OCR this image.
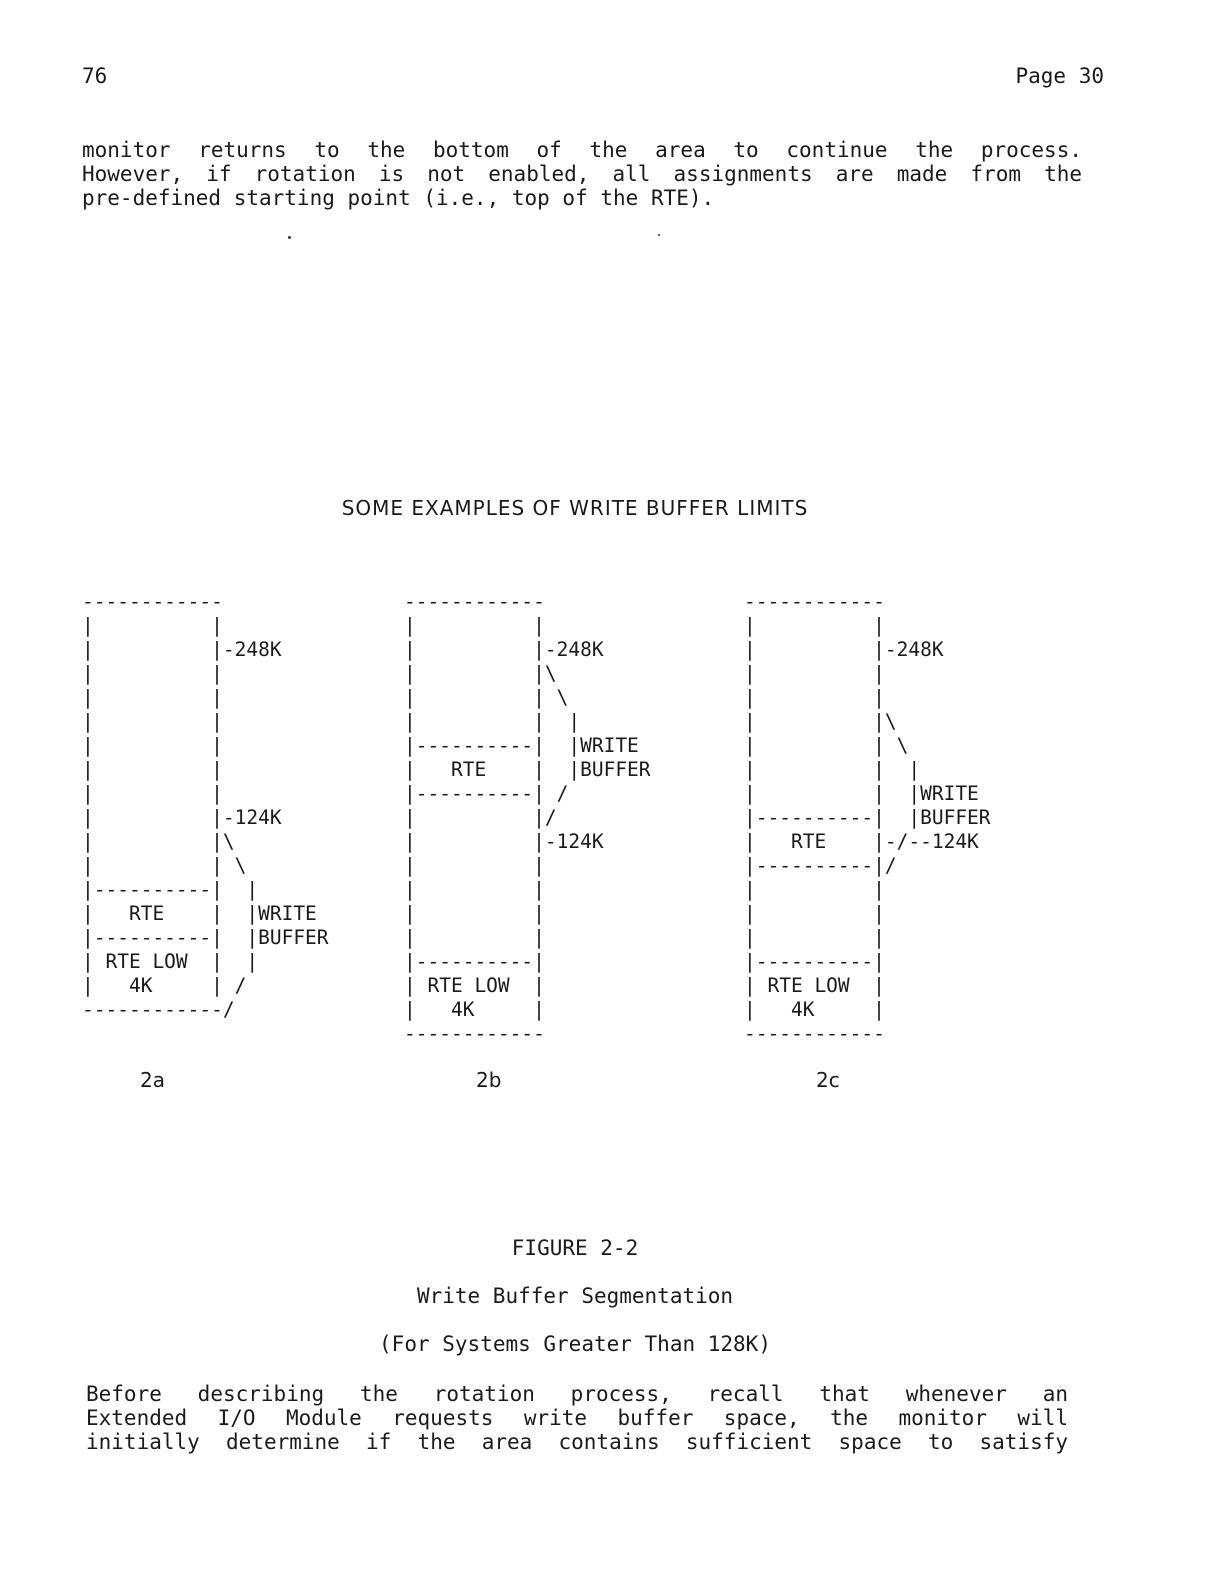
76	Page 30
monitor returns to the bottom of the area to continue the process.
However, if rotation is not enabled, all assignments are made from the
pre-defined starting point (i.e., top of the RTE).
SOME EXAMPLES OF WRITE BUFFER LIMITS
------------
|          |
|          |-248K
|          |
|          |
|          |
|          |
|          |
|          |
|          |-124K
|          |\
|          | \
|----------|  |
|   RTE    |  |WRITE
|----------|  |BUFFER
| RTE LOW  |  |
|   4K     | /
------------/
------------
|          |
|          |-248K
|          |\
|          | \
|          |  |
|----------|  |WRITE
|   RTE    |  |BUFFER
|----------| /
|          |/
|          |-124K
|          |
|          |
|          |
|          |
|----------|
| RTE LOW  |
|   4K     |
------------
------------
|          |
|          |-248K
|          |
|          |
|          |\
|          | \
|          |  |
|          |  |WRITE
|----------|  |BUFFER
|   RTE    |-/--124K
|----------|/
|          |
|          |
|          |
|----------|
| RTE LOW  |
|   4K     |
------------
2a	2b	2c
FIGURE 2-2
Write Buffer Segmentation
(For Systems Greater Than 128K)
Before describing the rotation process, recall that whenever an
Extended I/O Module requests write buffer space, the monitor will
initially determine if the area contains sufficient space to satisfy
